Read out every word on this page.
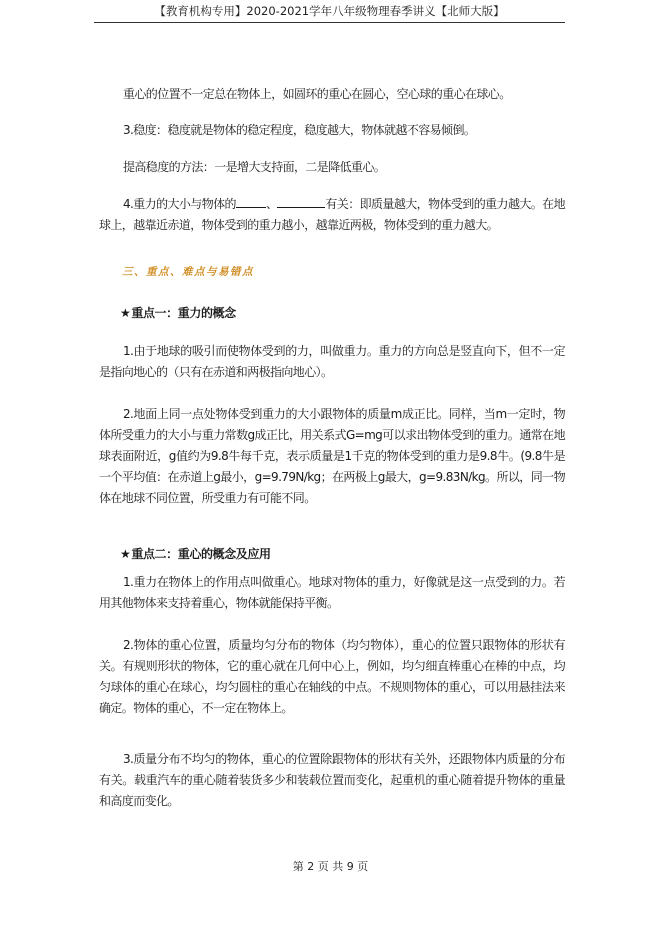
【教育机构专用】2020-2021学年八年级物理春季讲义【北师大版】

重心的位置不一定总在物体上，如圆环的重心在圆心，空心球的重心在球心。

3.稳度：稳度就是物体的稳定程度，稳度越大，物体就越不容易倾倒。

提高稳度的方法：一是增大支持面，二是降低重心。

4.重力的大小与物体的	、	有关：即质量越大，物体受到的重力越大。在地球上，越靠近赤道，物体受到的重力越小，越靠近两极，物体受到的重力越大。

三、重点、难点与易错点
★重点一：重力的概念

1.由于地球的吸引而使物体受到的力，叫做重力。重力的方向总是竖直向下，但不一定是指向地心的（只有在赤道和两极指向地心）。

2.地面上同一点处物体受到重力的大小跟物体的质量m成正比。同样，当m一定时，物体所受重力的大小与重力常数g成正比，用关系式G=mg可以求出物体受到的重力。通常在地球表面附近，g值约为9.8牛每千克，表示质量是1千克的物体受到的重力是9.8牛。(9.8牛是一个平均值：在赤道上g最小，g=9.79N/kg；在两极上g最大，g=9.83N/kg。所以，同一物体在地球不同位置，所受重力有可能不同。

★重点二：重心的概念及应用

1.重力在物体上的作用点叫做重心。地球对物体的重力，好像就是这一点受到的力。若用其他物体来支持着重心，物体就能保持平衡。

2.物体的重心位置，质量均匀分布的物体（均匀物体），重心的位置只跟物体的形状有关。有规则形状的物体，它的重心就在几何中心上，例如，均匀细直棒重心在棒的中点，均匀球体的重心在球心，均匀圆柱的重心在轴线的中点。不规则物体的重心，可以用悬挂法来确定。物体的重心，不一定在物体上。

3.质量分布不均匀的物体，重心的位置除跟物体的形状有关外，还跟物体内质量的分布有关。载重汽车的重心随着装货多少和装载位置而变化，起重机的重心随着提升物体的重量和高度而变化。

第 2 页 共 9 页
